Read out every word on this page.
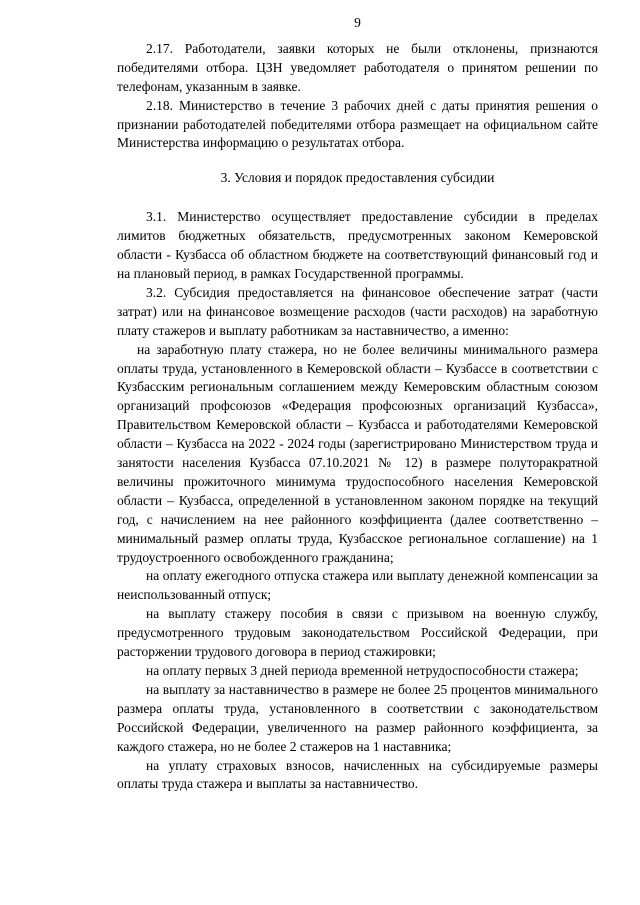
9

2.17. Работодатели, заявки которых не были отклонены, признаются победителями отбора. ЦЗН уведомляет работодателя о принятом решении по телефонам, указанным в заявке.

2.18. Министерство в течение 3 рабочих дней с даты принятия решения о признании работодателей победителями отбора размещает на официальном сайте Министерства информацию о результатах отбора.

3. Условия и порядок предоставления субсидии

3.1. Министерство осуществляет предоставление субсидии в пределах лимитов бюджетных обязательств, предусмотренных законом Кемеровской области - Кузбасса об областном бюджете на соответствующий финансовый год и на плановый период, в рамках Государственной программы.

3.2. Субсидия предоставляется на финансовое обеспечение затрат (части затрат) или на финансовое возмещение расходов (части расходов) на заработную плату стажеров и выплату работникам за наставничество, а именно:

на заработную плату стажера, но не более величины минимального размера оплаты труда, установленного в Кемеровской области – Кузбассе в соответствии с Кузбасским региональным соглашением между Кемеровским областным союзом организаций профсоюзов «Федерация профсоюзных организаций Кузбасса», Правительством Кемеровской области – Кузбасса и работодателями Кемеровской области – Кузбасса на 2022 - 2024 годы (зарегистрировано Министерством труда и занятости населения Кузбасса 07.10.2021 № 12) в размере полуторакратной величины прожиточного минимума трудоспособного населения Кемеровской области – Кузбасса, определенной в установленном законом порядке на текущий год, с начислением на нее районного коэффициента (далее соответственно – минимальный размер оплаты труда, Кузбасское региональное соглашение) на 1 трудоустроенного освобожденного гражданина;

на оплату ежегодного отпуска стажера или выплату денежной компенсации за неиспользованный отпуск;

на выплату стажеру пособия в связи с призывом на военную службу, предусмотренного трудовым законодательством Российской Федерации, при расторжении трудового договора в период стажировки;

на оплату первых 3 дней периода временной нетрудоспособности стажера;

на выплату за наставничество в размере не более 25 процентов минимального размера оплаты труда, установленного в соответствии с законодательством Российской Федерации, увеличенного на размер районного коэффициента, за каждого стажера, но не более 2 стажеров на 1 наставника;

на уплату страховых взносов, начисленных на субсидируемые размеры оплаты труда стажера и выплаты за наставничество.
